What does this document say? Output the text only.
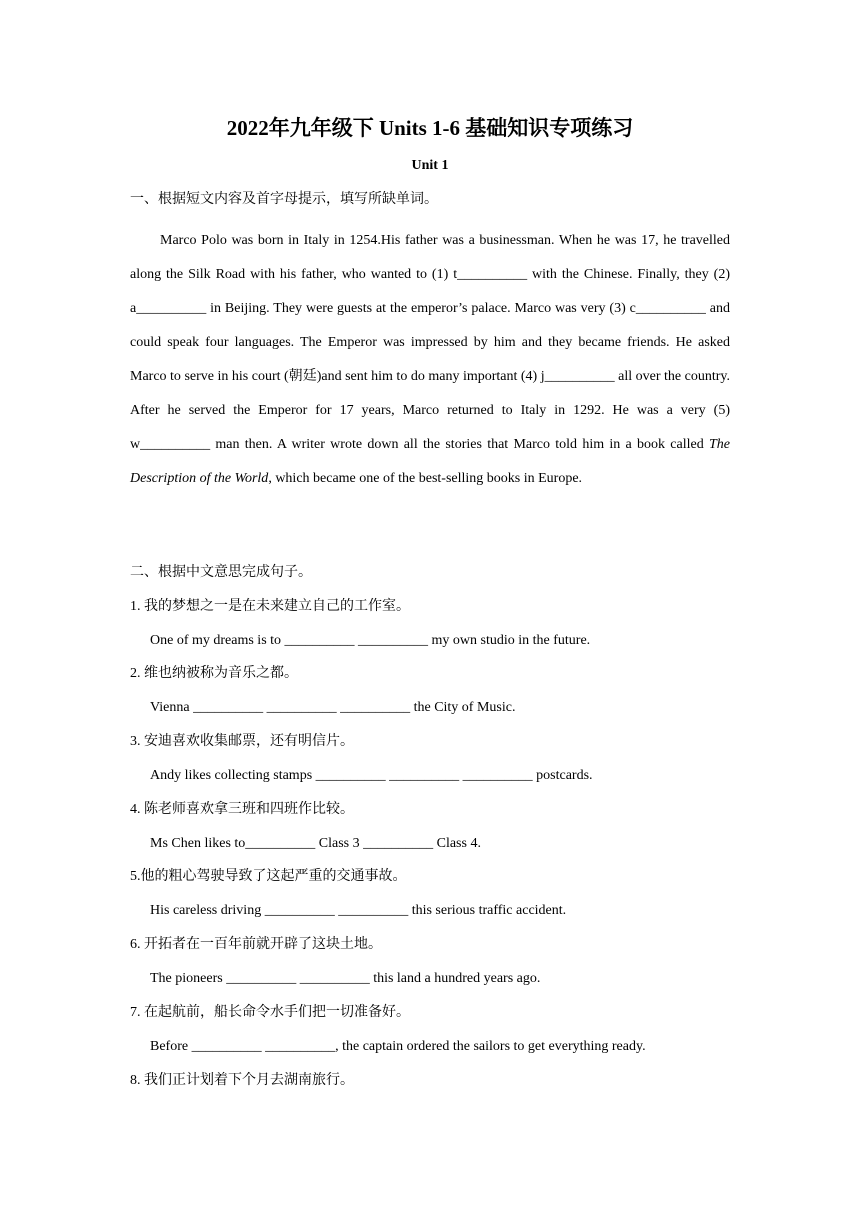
2022年九年级下 Units 1-6 基础知识专项练习
Unit 1
一、根据短文内容及首字母提示，填写所缺单词。
Marco Polo was born in Italy in 1254.His father was a businessman. When he was 17, he travelled along the Silk Road with his father, who wanted to (1) t__________ with the Chinese. Finally, they (2) a__________ in Beijing. They were guests at the emperor’s palace. Marco was very (3) c__________ and could speak four languages. The Emperor was impressed by him and they became friends. He asked Marco to serve in his court (朝廷)and sent him to do many important (4) j__________ all over the country. After he served the Emperor for 17 years, Marco returned to Italy in 1292. He was a very (5) w__________ man then. A writer wrote down all the stories that Marco told him in a book called The Description of the World, which became one of the best-selling books in Europe.
二、根据中文意思完成句子。
1. 我的梦想之一是在未来建立自己的工作室。
One of my dreams is to __________ __________ my own studio in the future.
2. 维也纳被称为音乐之都。
Vienna __________ __________ __________ the City of Music.
3. 安迪喜欢收集邮票，还有明信片。
Andy likes collecting stamps __________ __________ __________ postcards.
4. 陈老师喜欢拿三班和四班作比较。
Ms Chen likes to__________ Class 3 __________ Class 4.
5.他的粗心驾驶导致了这起严重的交通事故。
His careless driving __________ __________ this serious traffic accident.
6. 开拓者在一百年前就开辟了这块土地。
The pioneers __________ __________ this land a hundred years ago.
7. 在起航前，船长命令水手们把一切准备好。
Before __________ __________, the captain ordered the sailors to get everything ready.
8. 我们正计划着下个月去湖南旅行。
